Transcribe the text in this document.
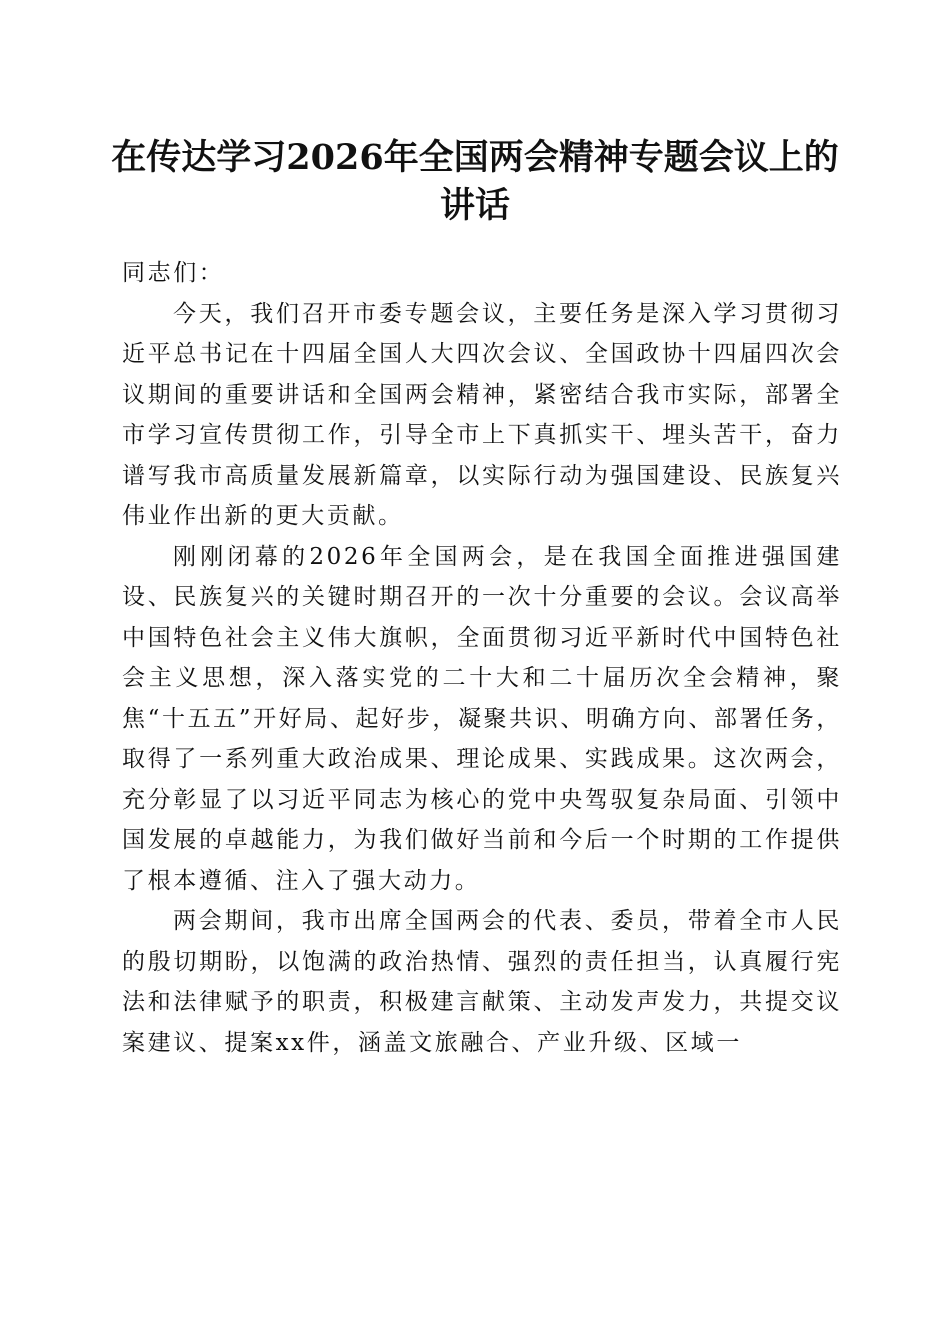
在传达学习2026年全国两会精神专题会议上的讲话

同志们：

今天，我们召开市委专题会议，主要任务是深入学习贯彻习近平总书记在十四届全国人大四次会议、全国政协十四届四次会议期间的重要讲话和全国两会精神，紧密结合我市实际，部署全市学习宣传贯彻工作，引导全市上下真抓实干、埋头苦干，奋力谱写我市高质量发展新篇章，以实际行动为强国建设、民族复兴伟业作出新的更大贡献。

刚刚闭幕的2026年全国两会，是在我国全面推进强国建设、民族复兴的关键时期召开的一次十分重要的会议。会议高举中国特色社会主义伟大旗帜，全面贯彻习近平新时代中国特色社会主义思想，深入落实党的二十大和二十届历次全会精神，聚焦“十五五”开好局、起好步，凝聚共识、明确方向、部署任务，取得了一系列重大政治成果、理论成果、实践成果。这次两会，充分彰显了以习近平同志为核心的党中央驾驭复杂局面、引领中国发展的卓越能力，为我们做好当前和今后一个时期的工作提供了根本遵循、注入了强大动力。

两会期间，我市出席全国两会的代表、委员，带着全市人民的殷切期盼，以饱满的政治热情、强烈的责任担当，认真履行宪法和法律赋予的职责，积极建言献策、主动发声发力，共提交议案建议、提案xx件，涵盖文旅融合、产业升级、区域一
